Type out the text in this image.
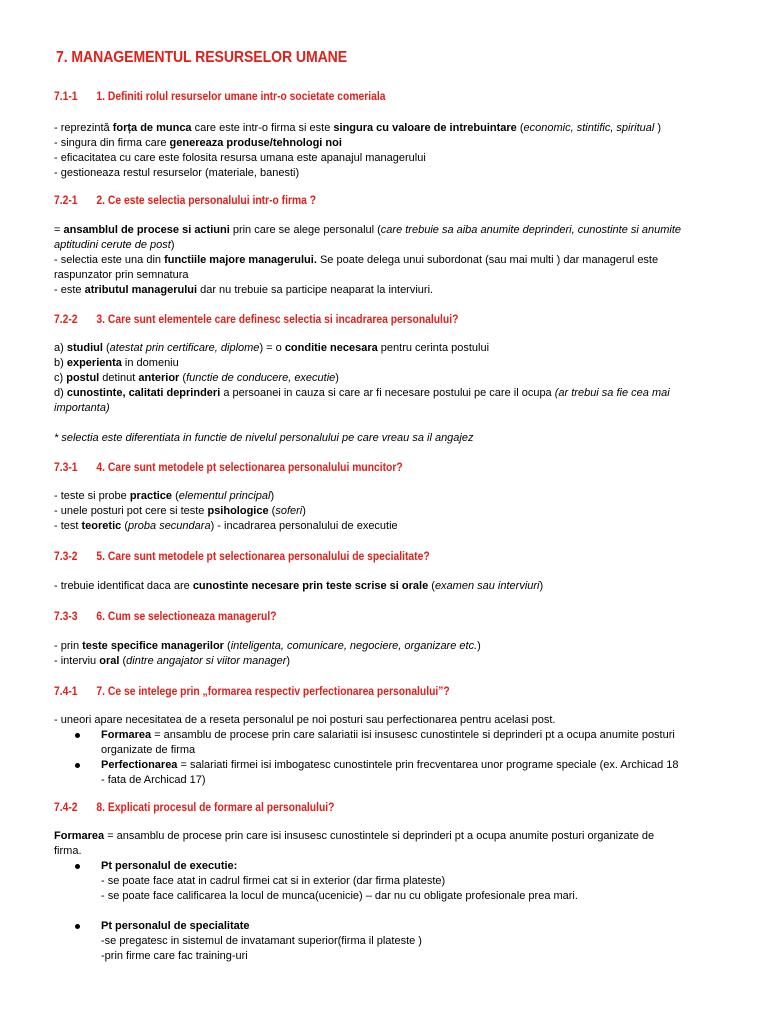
7. MANAGEMENTUL RESURSELOR UMANE
7.1-1 1. Definiti rolul resurselor umane intr-o societate comeriala

- reprezintă forța de munca care este intr-o firma si este singura cu valoare de intrebuintare (economic, stintific, spiritual )

- singura din firma care genereaza produse/tehnologi noi

- eficacitatea cu care este folosita resursa umana este apanajul managerului

- gestioneaza restul resurselor (materiale, banesti)

7.2-1 2. Ce este selectia personalului intr-o firma ?

= ansamblul de procese si actiuni prin care se alege personalul (care trebuie sa aiba anumite deprinderi, cunostinte si anumite

aptitudini cerute de post)

- selectia este una din functiile majore managerului. Se poate delega unui subordonat (sau mai multi ) dar managerul este

raspunzator prin semnatura

- este atributul managerului dar nu trebuie sa participe neaparat la interviuri.

7.2-2 3. Care sunt elementele care definesc selectia si incadrarea personalului?

a) studiul (atestat prin certificare, diplome) = o conditie necesara pentru cerinta postului

b) experienta in domeniu

c) postul detinut anterior (functie de conducere, executie)

d) cunostinte, calitati deprinderi a persoanei in cauza si care ar fi necesare postului pe care il ocupa (ar trebui sa fie cea mai

importanta)

* selectia este diferentiata in functie de nivelul personalului pe care vreau sa il angajez

7.3-1 4. Care sunt metodele pt selectionarea personalului muncitor?

- teste si probe practice (elementul principal)

- unele posturi pot cere si teste psihologice (soferi)

- test teoretic (proba secundara) - incadrarea personalului de executie

7.3-2 5. Care sunt metodele pt selectionarea personalului de specialitate?

- trebuie identificat daca are cunostinte necesare prin teste scrise si orale (examen sau interviuri)

7.3-3 6. Cum se selectioneaza managerul?

- prin teste specifice managerilor (inteligenta, comunicare, negociere, organizare etc.)

- interviu oral (dintre angajator si viitor manager)

7.4-1 7. Ce se intelege prin „formarea respectiv perfectionarea personalului”?

- uneori apare necesitatea de a reseta personalul pe noi posturi sau perfectionarea pentru acelasi post.

Formarea = ansamblu de procese prin care salariatii isi insusesc cunostintele si deprinderi pt a ocupa anumite posturi

organizate de firma

Perfectionarea = salariati firmei isi imbogatesc cunostintele prin frecventarea unor programe speciale (ex. Archicad 18

- fata de Archicad 17)

7.4-2 8. Explicati procesul de formare al personalului?

Formarea = ansamblu de procese prin care isi insusesc cunostintele si deprinderi pt a ocupa anumite posturi organizate de

firma.

Pt personalul de executie:

- se poate face atat in cadrul firmei cat si in exterior (dar firma plateste)

- se poate face calificarea la locul de munca(ucenicie) – dar nu cu obligate profesionale prea mari.

Pt personalul de specialitate

-se pregatesc in sistemul de invatamant superior(firma il plateste )

-prin firme care fac training-uri
